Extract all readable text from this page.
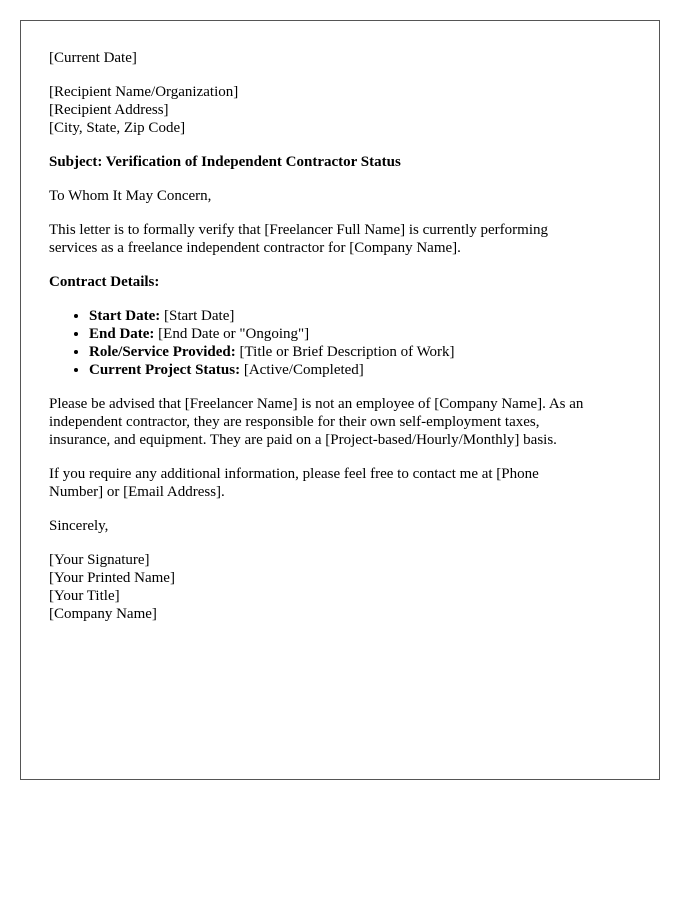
[Current Date]
[Recipient Name/Organization]
[Recipient Address]
[City, State, Zip Code]
Subject: Verification of Independent Contractor Status
To Whom It May Concern,
This letter is to formally verify that [Freelancer Full Name] is currently performing
services as a freelance independent contractor for [Company Name].
Contract Details:
• Start Date: [Start Date]
• End Date: [End Date or "Ongoing"]
• Role/Service Provided: [Title or Brief Description of Work]
• Current Project Status: [Active/Completed]
Please be advised that [Freelancer Name] is not an employee of [Company Name]. As an
independent contractor, they are responsible for their own self-employment taxes,
insurance, and equipment. They are paid on a [Project-based/Hourly/Monthly] basis.
If you require any additional information, please feel free to contact me at [Phone
Number] or [Email Address].
Sincerely,
[Your Signature]
[Your Printed Name]
[Your Title]
[Company Name]
